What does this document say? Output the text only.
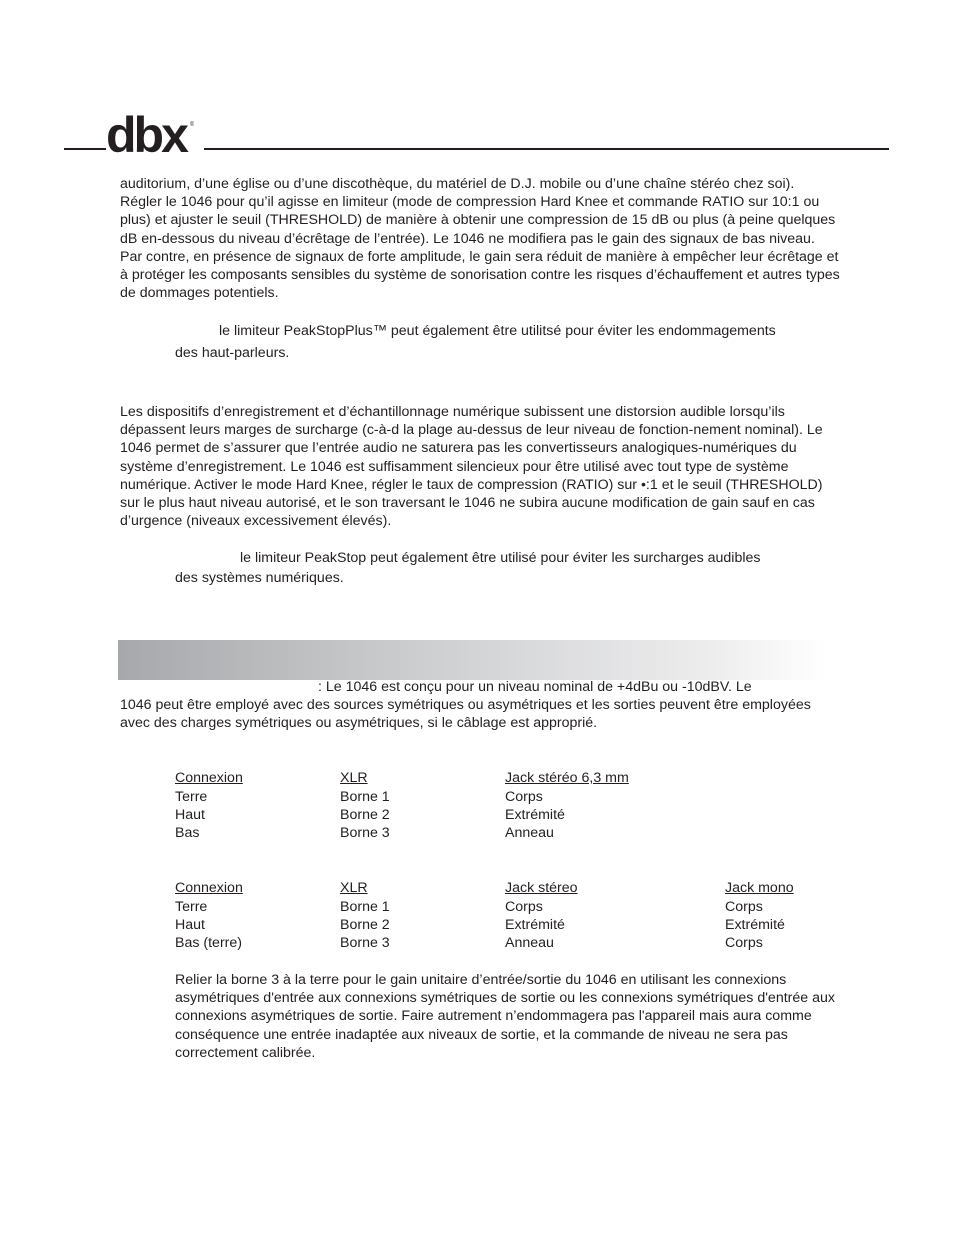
dbx ®

auditorium, d’une église ou d’une discothèque, du matériel de D.J. mobile ou d’une chaîne stéréo chez soi). Régler le 1046 pour qu’il agisse en limiteur (mode de compression Hard Knee et commande RATIO sur 10:1 ou plus) et ajuster le seuil (THRESHOLD) de manière à obtenir une compression de 15 dB ou plus (à peine quelques dB en-dessous du niveau d’écrêtage de l’entrée). Le 1046 ne modifiera pas le gain des signaux de bas niveau. Par contre, en présence de signaux de forte amplitude, le gain sera réduit de manière à empêcher leur écrêtage et à protéger les composants sensibles du système de sonorisation contre les risques d’échauffement et autres types de dommages potentiels.

le limiteur PeakStopPlus™ peut également être utilitsé pour éviter les endommagements
des haut-parleurs.

Les dispositifs d’enregistrement et d’échantillonnage numérique subissent une distorsion audible lorsqu’ils dépassent leurs marges de surcharge (c-à-d la plage au-dessus de leur niveau de fonction-nement nominal). Le 1046 permet de s’assurer que l’entrée audio ne saturera pas les convertisseurs analogiques-numériques du système d’enregistrement. Le 1046 est suffisamment silencieux pour être utilisé avec tout type de système numérique. Activer le mode Hard Knee, régler le taux de compression (RATIO) sur •:1 et le seuil (THRESHOLD) sur le plus haut niveau autorisé, et le son traversant le 1046 ne subira aucune modification de gain sauf en cas d’urgence (niveaux excessivement élevés).

le limiteur PeakStop peut également être utilisé pour éviter les surcharges audibles
des systèmes numériques.
: Le 1046 est conçu pour un niveau nominal de +4dBu ou -10dBV. Le

1046 peut être employé avec des sources symétriques ou asymétriques et les sorties peuvent être employées avec des charges symétriques ou asymétriques, si le câblage est approprié.

Connexion	XLR	Jack stéréo 6,3 mm
Terre	Borne 1	Corps
Haut	Borne 2	Extrémité
Bas	Borne 3	Anneau
Connexion	XLR	Jack stéreo	Jack mono
Terre	Borne 1	Corps	Corps
Haut	Borne 2	Extrémité	Extrémité
Bas (terre)	Borne 3	Anneau	Corps

Relier la borne 3 à la terre pour le gain unitaire d’entrée/sortie du 1046 en utilisant les connexions asymétriques d'entrée aux connexions symétriques de sortie ou les connexions symétriques d'entrée aux connexions asymétriques de sortie. Faire autrement n’endommagera pas l'appareil mais aura comme conséquence une entrée inadaptée aux niveaux de sortie, et la commande de niveau ne sera pas correctement calibrée.
